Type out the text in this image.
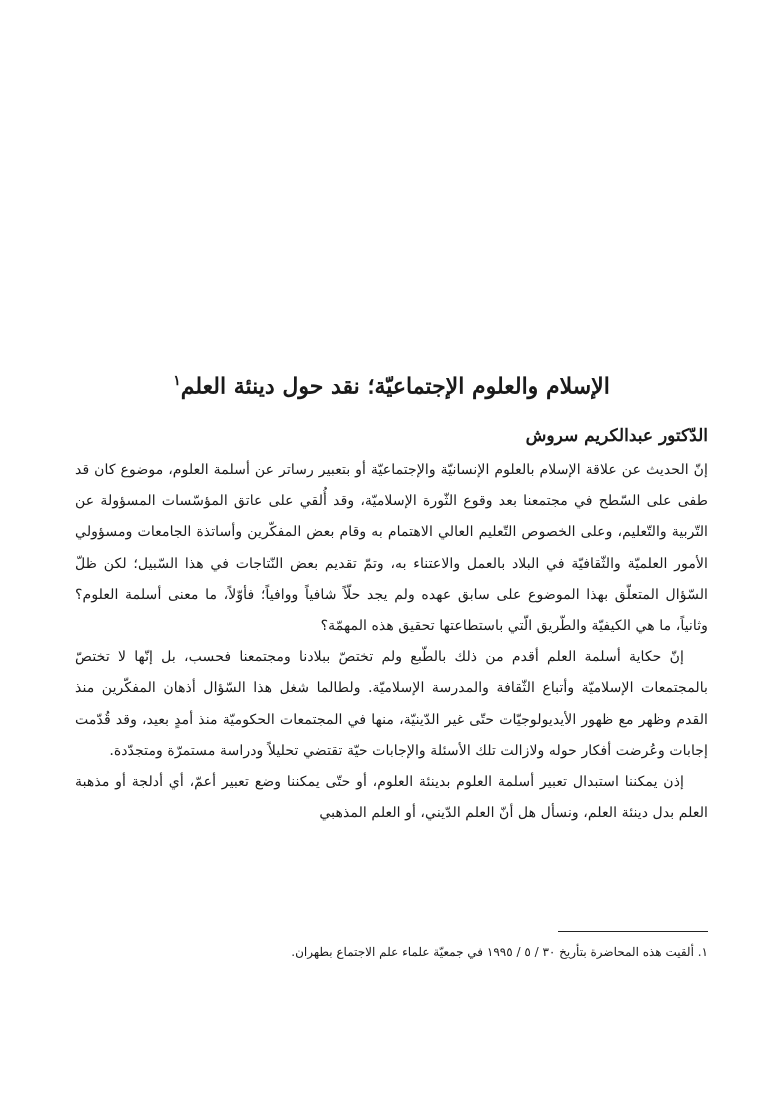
الإسلام والعلوم الإجتماعيّة؛ نقد حول دينئة العلم$^١$
الدّكتور عبدالكريم سروش

إنّ الحديث عن علاقة الإسلام بالعلوم الإنسانيّة والإجتماعيّة أو بتعبير رساتر عن أسلمة العلوم، موضوع كان قد طفى على السّطح في مجتمعنا بعد وقوع الثّورة الإسلاميّة، وقد أُلقي على عاتق المؤسّسات المسؤولة عن التّربية والتّعليم، وعلى الخصوص التّعليم العالي الاهتمام به وقام بعض المفكّرين وأساتذة الجامعات ومسؤولي الأمور العلميّة والثّقافيّة في البلاد بالعمل والاعتناء به، وتمّ تقديم بعض النّتاجات في هذا السّبيل؛ لكن ظلّ السّؤال المتعلّق بهذا الموضوع على سابق عهده ولم يجد حلّاً شافياً ووافياً؛ فأوّلاً، ما معنى أسلمة العلوم؟ وثانياً، ما هي الكيفيّة والطّريق الّتي باستطاعتها تحقيق هذه المهمّة؟

إنّ حكاية أسلمة العلم أقدم من ذلك بالطّبع ولم تختصّ ببلادنا ومجتمعنا فحسب، بل إنّها لا تختصّ بالمجتمعات الإسلاميّة وأتباع الثّقافة والمدرسة الإسلاميّة. ولطالما شغل هذا السّؤال أذهان المفكّرين منذ القدم وظهر مع ظهور الأيديولوجيّات حتّى غير الدّينيّة، منها في المجتمعات الحكوميّة منذ أمدٍ بعيد، وقد قُدّمت إجابات وعُرضت أفكار حوله ولازالت تلك الأسئلة والإجابات حيّة تقتضي تحليلاً ودراسة مستمرّة ومتجدّدة.

إذن يمكننا استبدال تعبير أسلمة العلوم بدينئة العلوم، أو حتّى يمكننا وضع تعبير أعمّ، أي أدلجة أو مذهبة العلم بدل دينئة العلم، ونسأل هل أنّ العلم الدّيني، أو العلم المذهبي

١. ألقيت هذه المحاضرة بتأريخ ٣٠ / ٥ / ١٩٩٥ في جمعيّة علماء علم الاجتماع بطهران.
